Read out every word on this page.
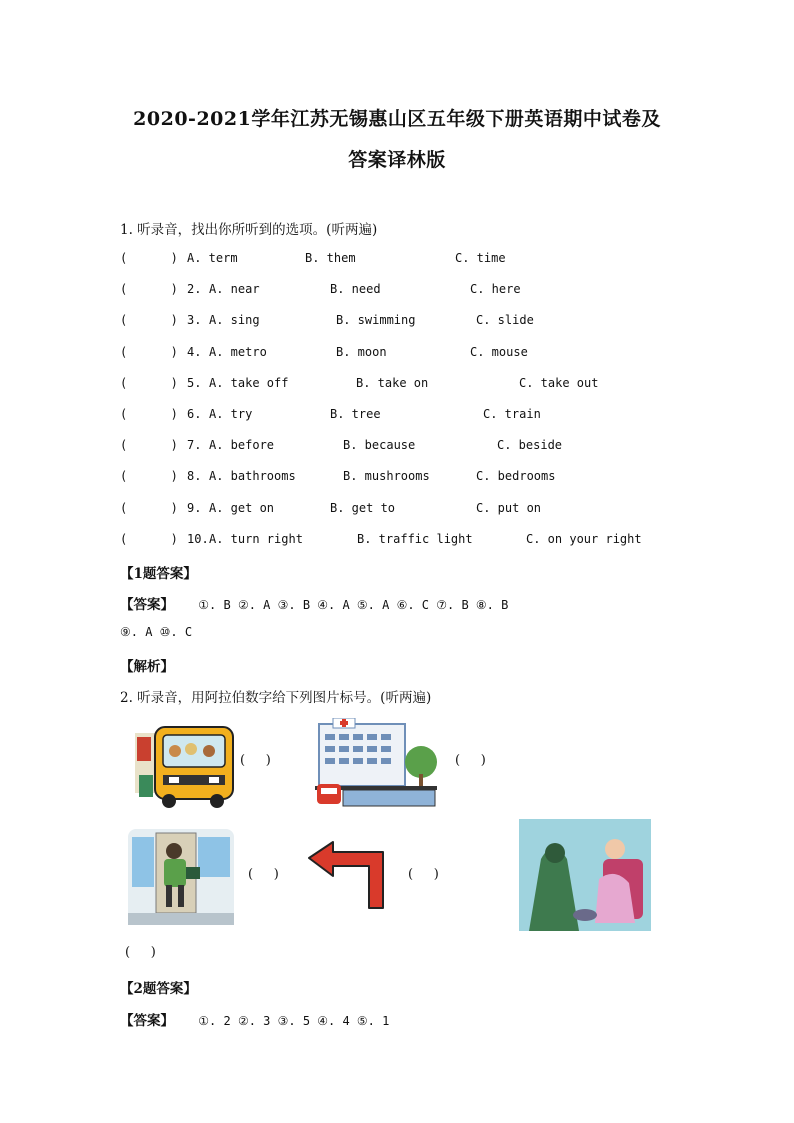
2020-2021学年江苏无锡惠山区五年级下册英语期中试卷及
答案译林版
1. 听录音，找出你所听到的选项。(听两遍)
(      ) A. term	B. them	C. time
(      ) 2. A. near	B. need	C. here
(      ) 3. A. sing	B. swimming	C. slide
(      ) 4. A. metro	B. moon	C. mouse
(      ) 5. A. take off	B. take on	C. take out
(      ) 6. A. try	B. tree	C. train
(      ) 7. A. before	B. because	C. beside
(      ) 8. A. bathrooms	B. mushrooms	C. bedrooms
(      ) 9. A. get on	B. get to	C. put on
(      ) 10. A. turn right	B. traffic light	C. on your right
【1题答案】
【答案】 ①. B ②. A ③. B ④. A ⑤. A ⑥. C ⑦. B ⑧. B
⑨. A ⑩. C
【解析】
2. 听录音，用阿拉伯数字给下列图片标号。(听两遍)
(     )	(     )
(     )	(     )
(     )
【2题答案】
【答案】 ①. 2 ②. 3 ③. 5 ④. 4 ⑤. 1
